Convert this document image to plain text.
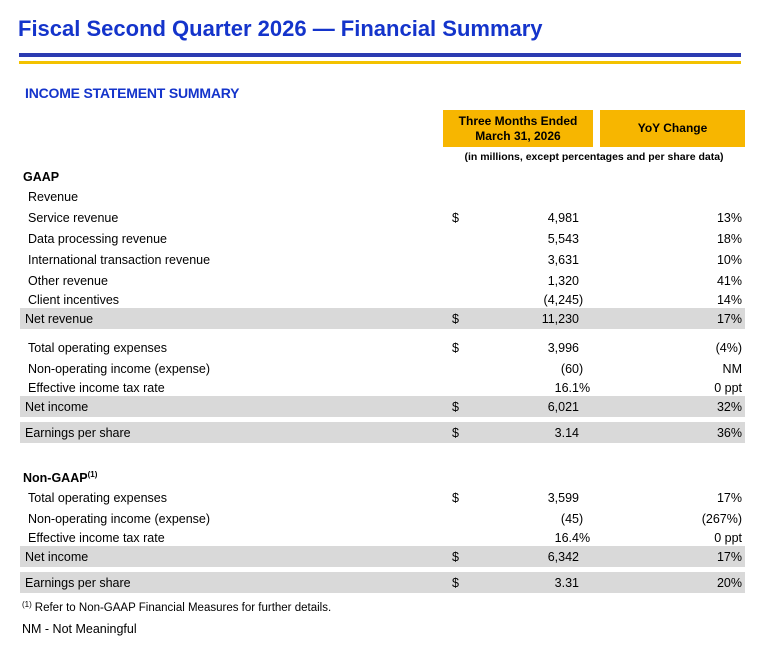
Fiscal Second Quarter 2026 — Financial Summary
INCOME STATEMENT SUMMARY
Three Months Ended
March 31, 2026
YoY Change
(in millions, except percentages and per share data)
GAAP
Revenue
Service revenue	$	4,981	13%
Data processing revenue	5,543	18%
International transaction revenue	3,631	10%
Other revenue	1,320	41%
Client incentives	(4,245 )	14%
Net revenue	$	11,230	17%
Total operating expenses	$	3,996	(4%)
Non-operating income (expense)	(60 )	NM
Effective income tax rate	16.1 %	0 ppt
Net income	$	6,021	32%
Earnings per share	$	3.14	36%
Non-GAAP$^{(1)}$
Total operating expenses	$	3,599	17%
Non-operating income (expense)	(45 )	(267%)
Effective income tax rate	16.4 %	0 ppt
Net income	$	6,342	17%
Earnings per share	$	3.31	20%
$^{(1)}$ Refer to Non-GAAP Financial Measures for further details.
NM - Not Meaningful
